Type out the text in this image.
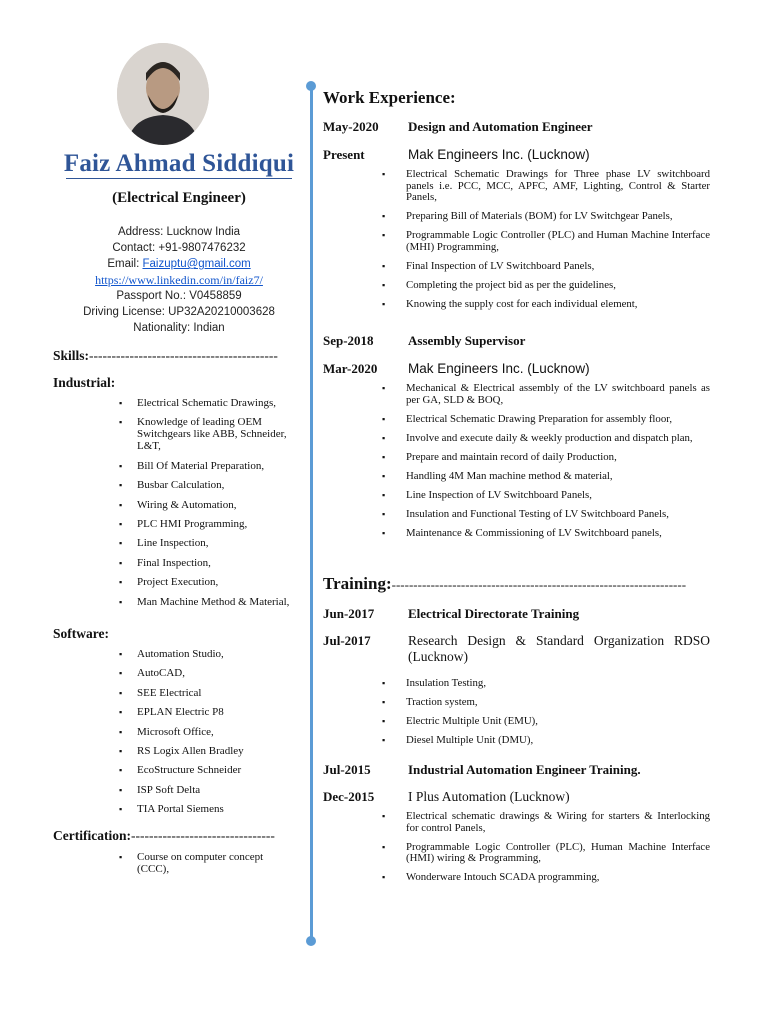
Faiz Ahmad Siddiqui
(Electrical Engineer)
Address: Lucknow India
Contact: +91-9807476232
Email: Faizuptu@gmail.com
https://www.linkedin.com/in/faiz7/
Passport No.: V0458859
Driving License: UP32A20210003628
Nationality: Indian
Skills:------------------------------------------
Industrial:
▪ Electrical Schematic Drawings,
▪ Knowledge of leading OEM Switchgears like ABB, Schneider, L&T,
▪ Bill Of Material Preparation,
▪ Busbar Calculation,
▪ Wiring & Automation,
▪ PLC HMI Programming,
▪ Line Inspection,
▪ Final Inspection,
▪ Project Execution,
▪ Man Machine Method & Material,
Software:
▪ Automation Studio,
▪ AutoCAD,
▪ SEE Electrical
▪ EPLAN Electric P8
▪ Microsoft Office,
▪ RS Logix Allen Bradley
▪ EcoStructure Schneider
▪ ISP Soft Delta
▪ TIA Portal Siemens
Certification:--------------------------------
▪ Course on computer concept (CCC),
Work Experience:
May-2020 Design and Automation Engineer
Present	Mak Engineers Inc. (Lucknow)
▪ Electrical Schematic Drawings for Three phase LV switchboard panels i.e. PCC, MCC, APFC, AMF, Lighting, Control & Starter Panels,
▪ Preparing Bill of Materials (BOM) for LV Switchgear Panels,
▪ Programmable Logic Controller (PLC) and Human Machine Interface (MHI) Programming,
▪ Final Inspection of LV Switchboard Panels,
▪ Completing the project bid as per the guidelines,
▪ Knowing the supply cost for each individual element,
Sep-2018	Assembly Supervisor
Mar-2020 Mak Engineers Inc. (Lucknow)
▪ Mechanical & Electrical assembly of the LV switchboard panels as per GA, SLD & BOQ,
▪ Electrical Schematic Drawing Preparation for assembly floor,
▪ Involve and execute daily & weekly production and dispatch plan,
▪ Prepare and maintain record of daily Production,
▪ Handling 4M Man machine method & material,
▪ Line Inspection of LV Switchboard Panels,
▪ Insulation and Functional Testing of LV Switchboard Panels,
▪ Maintenance & Commissioning of LV Switchboard panels,
Training:--------------------------------------------------------------------
Jun-2017	Electrical Directorate Training
Jul-2017	Research Design & Standard Organization RDSO (Lucknow)
▪ Insulation Testing,
▪ Traction system,
▪ Electric Multiple Unit (EMU),
▪ Diesel Multiple Unit (DMU),
Jul-2015	Industrial Automation Engineer Training.
Dec-2015 I Plus Automation (Lucknow)
▪ Electrical schematic drawings & Wiring for starters & Interlocking for control Panels,
▪ Programmable Logic Controller (PLC), Human Machine Interface (HMI) wiring & Programming,
▪ Wonderware Intouch SCADA programming,
